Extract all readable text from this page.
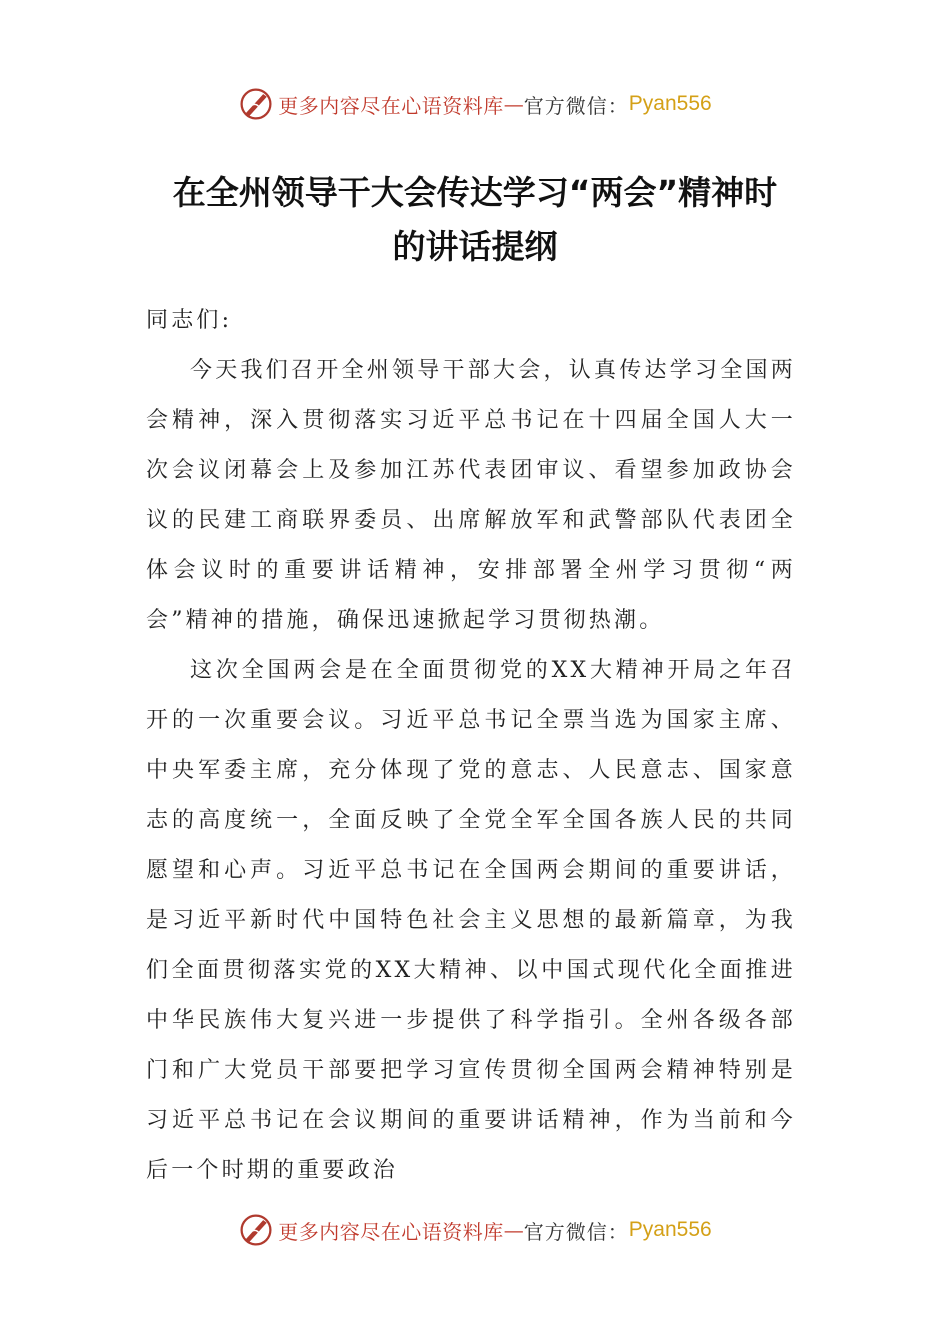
更多内容尽在心语资料库 — 官方微信： Pyan556
在全州领导干大会传达学习“两会”精神时
的讲话提纲

同志们:

今天我们召开全州领导干部大会，认真传达学习全国两会精神，深入贯彻落实习近平总书记在十四届全国人大一次会议闭幕会上及参加江苏代表团审议、看望参加政协会议的民建工商联界委员、出席解放军和武警部队代表团全体会议时的重要讲话精神，安排部署全州学习贯彻“两会”精神的措施，确保迅速掀起学习贯彻热潮。

这次全国两会是在全面贯彻党的XX大精神开局之年召开的一次重要会议。习近平总书记全票当选为国家主席、中央军委主席，充分体现了党的意志、人民意志、国家意志的高度统一，全面反映了全党全军全国各族人民的共同愿望和心声。习近平总书记在全国两会期间的重要讲话，是习近平新时代中国特色社会主义思想的最新篇章，为我们全面贯彻落实党的XX大精神、以中国式现代化全面推进中华民族伟大复兴进一步提供了科学指引。全州各级各部门和广大党员干部要把学习宣传贯彻全国两会精神特别是习近平总书记在会议期间的重要讲话精神，作为当前和今后一个时期的重要政治

更多内容尽在心语资料库 — 官方微信： Pyan556
